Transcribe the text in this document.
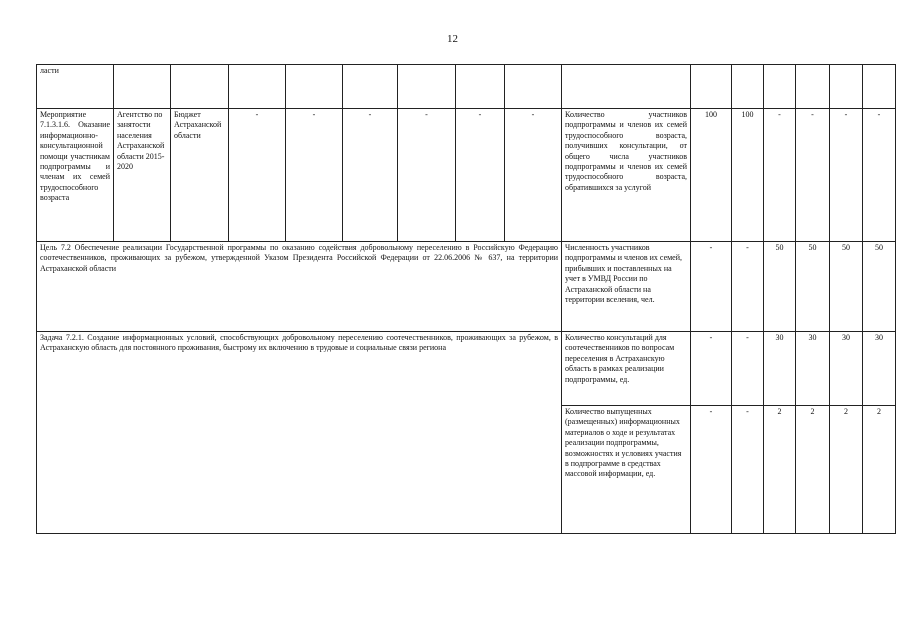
12
ласти															
Мероприятие 7.1.3.1.6. Оказание информационно-консультационной помощи участникам подпрограммы и членам их семей трудоспособного возраста	Агентство по занятости населения Астраханской области 2015-2020	Бюджет Астраханской области	-	-	-	-	-	-	Количество участников подпрограммы и членов их семей трудоспособного возраста, получивших консультации, от общего числа участников подпрограммы и членов их семей трудоспособного возраста, обратившихся за услугой	100	100	-	-	-	-
Цель 7.2 Обеспечение реализации Государственной программы по оказанию содействия добровольному переселению в Российскую Федерацию соотечественников, проживающих за рубежом, утвержденной Указом Президента Российской Федерации от 22.06.2006 № 637, на территории Астраханской области									Численность участников подпрограммы и членов их семей, прибывших и поставленных на учет в УМВД России по Астраханской области на территории вселения, чел.	-	-	50	50	50	50
Задача 7.2.1. Создание информационных условий, способствующих добровольному переселению соотечественников, проживающих за рубежом, в Астраханскую область для постоянного проживания, быстрому их включению в трудовые и социальные связи региона									Количество консультаций для соотечественников по вопросам переселения в Астраханскую область в рамках реализации подпрограммы, ед.	-	-	30	30	30	30
									Количество выпущенных (размещенных) информационных материалов о ходе и результатах реализации подпрограммы, возможностях и условиях участия в подпрограмме в средствах массовой информации, ед.	-	-	2	2	2	2
